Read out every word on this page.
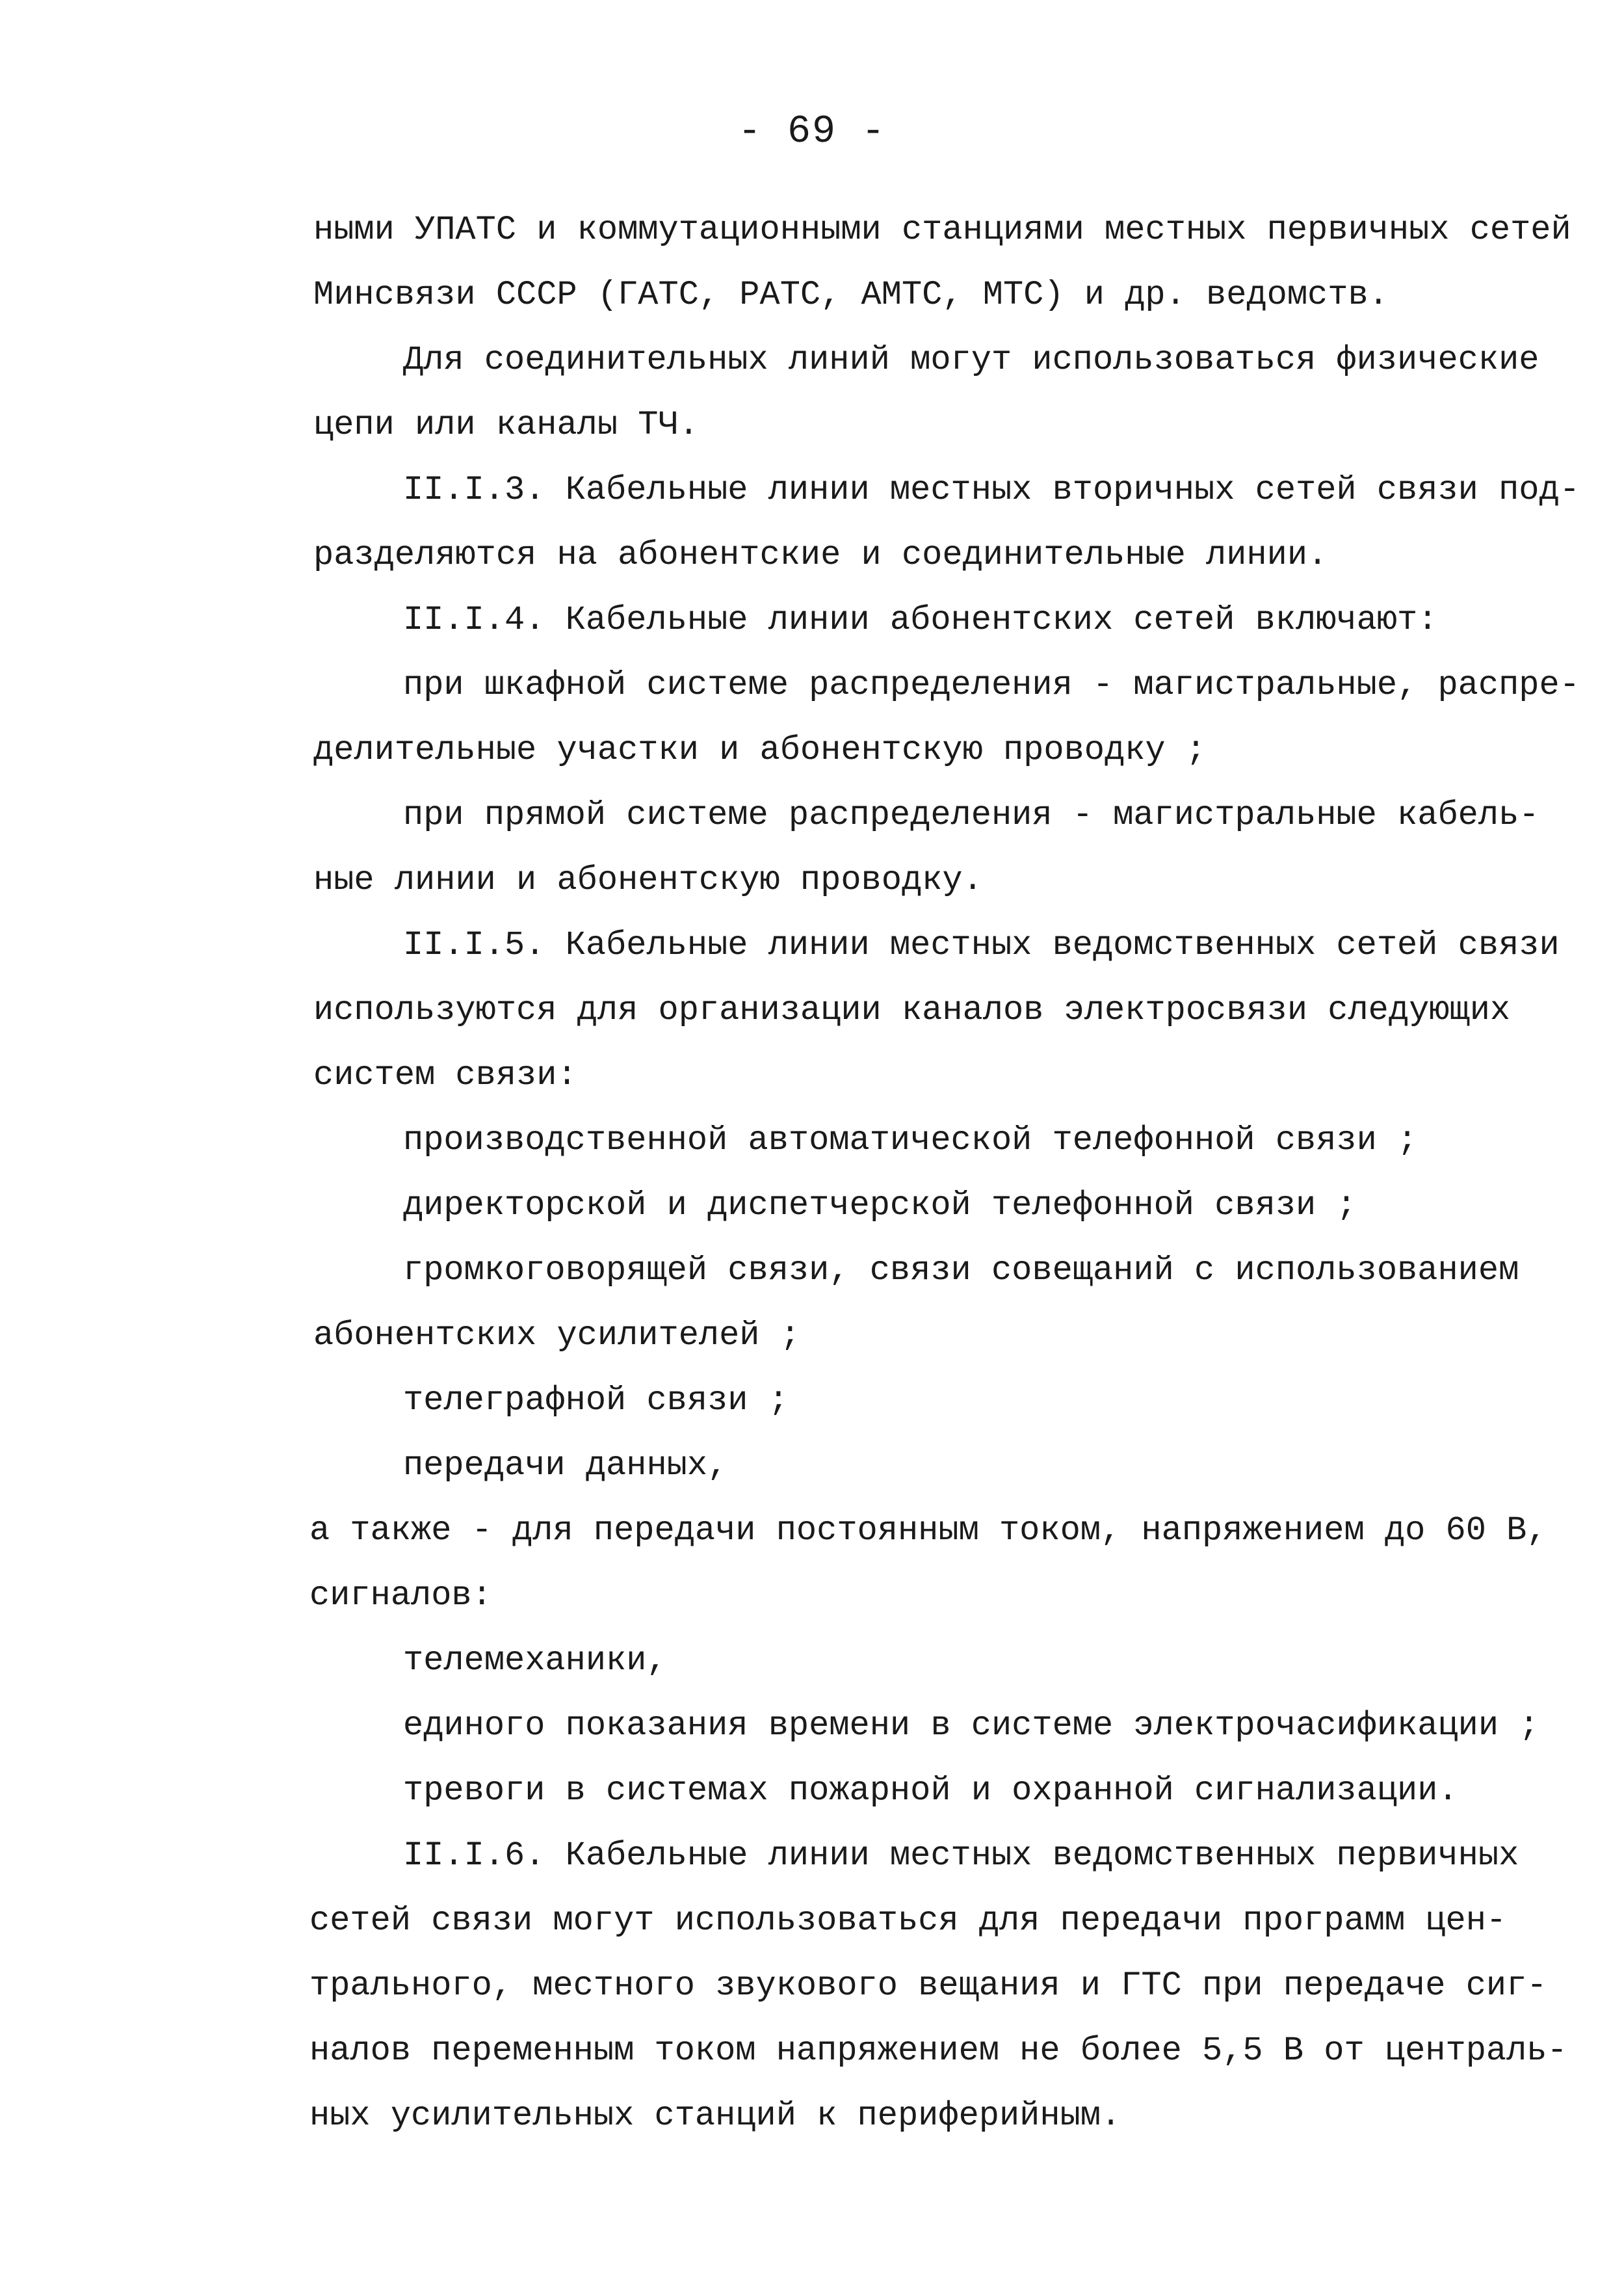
- 69 -
ными УПАТС и коммутационными станциями местных первичных сетей
Минсвязи СССР (ГАТС, РАТС, АМТС, МТС) и др. ведомств.
Для соединительных линий могут использоваться физические
цепи или каналы ТЧ.
II.I.3. Кабельные линии местных вторичных сетей связи под-
разделяются на абонентские и соединительные линии.
II.I.4. Кабельные линии абонентских сетей включают:
при шкафной системе распределения - магистральные, распре-
делительные участки и абонентскую проводку ;
при прямой системе распределения - магистральные кабель-
ные линии и абонентскую проводку.
II.I.5. Кабельные линии местных ведомственных сетей связи
используются для организации каналов электросвязи следующих
систем связи:
производственной автоматической телефонной связи ;
директорской и диспетчерской телефонной связи ;
громкоговорящей связи, связи совещаний с использованием
абонентских усилителей ;
телеграфной связи ;
передачи данных,
а также - для передачи постоянным током, напряжением до 60 В,
сигналов:
телемеханики,
единого показания времени в системе электрочасификации ;
тревоги в системах пожарной и охранной сигнализации.
II.I.6. Кабельные линии местных ведомственных первичных
сетей связи могут использоваться для передачи программ цен-
трального, местного звукового вещания и ГТС при передаче сиг-
налов переменным током напряжением не более 5,5 В от централь-
ных усилительных станций к периферийным.
